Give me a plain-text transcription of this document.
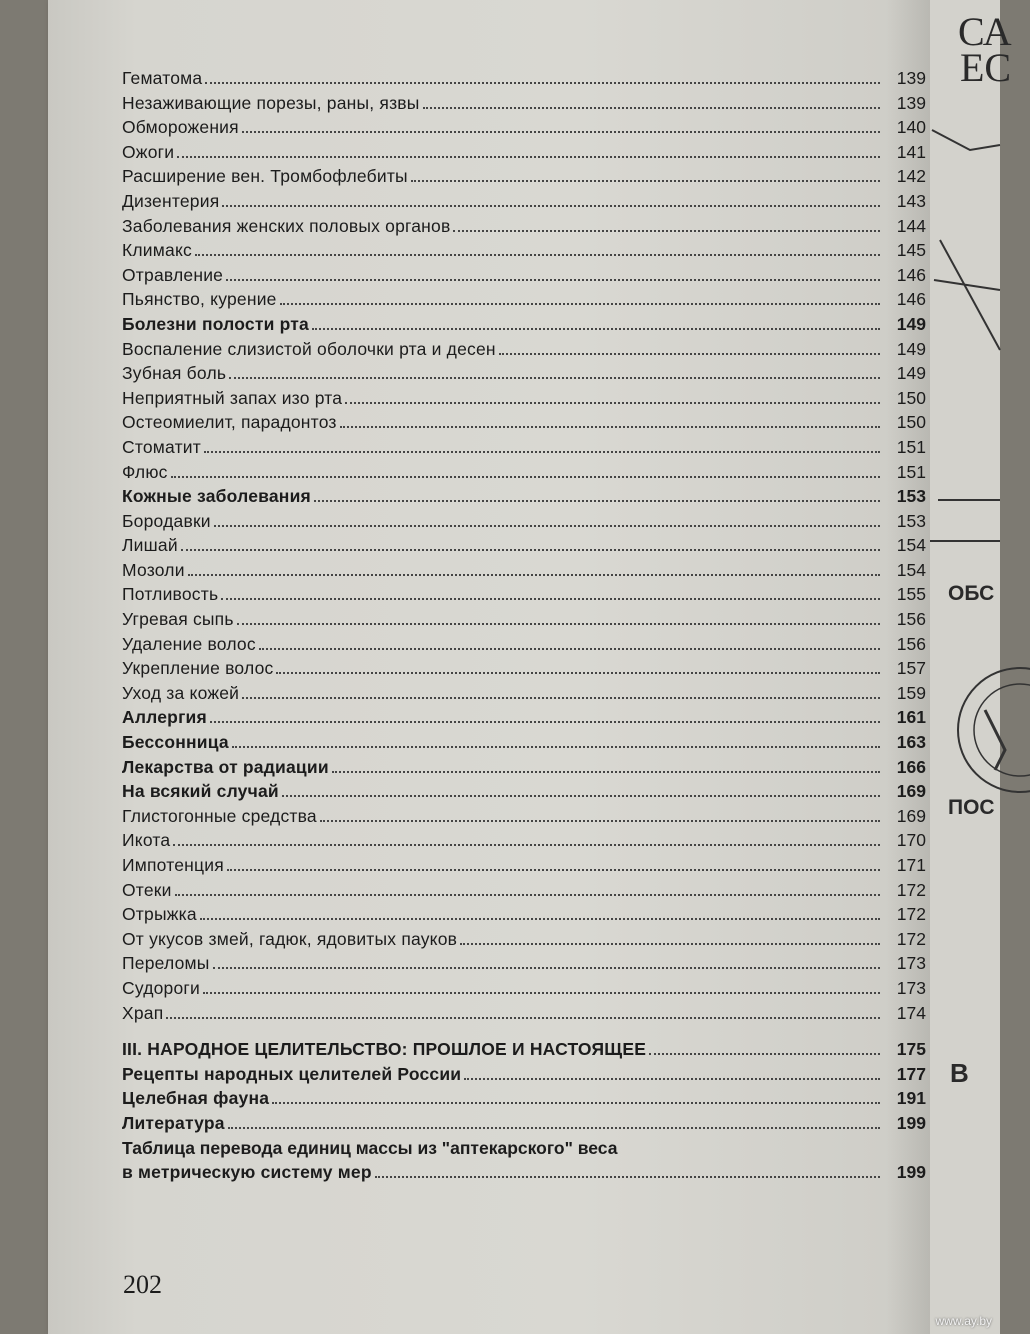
СА
ЕС
ОБС
ПОС
В
Гематома	139
Незаживающие порезы, раны, язвы	139
Обморожения	140
Ожоги	141
Расширение вен. Тромбофлебиты	142
Дизентерия	143
Заболевания женских половых органов	144
Климакс	145
Отравление	146
Пьянство, курение	146
Болезни полости рта	149
Воспаление слизистой оболочки рта и десен	149
Зубная боль	149
Неприятный запах изо рта	150
Остеомиелит, парадонтоз	150
Стоматит	151
Флюс	151
Кожные заболевания	153
Бородавки	153
Лишай	154
Мозоли	154
Потливость	155
Угревая сыпь	156
Удаление волос	156
Укрепление волос	157
Уход за кожей	159
Аллергия	161
Бессонница	163
Лекарства от радиации	166
На всякий случай	169
Глистогонные средства	169
Икота	170
Импотенция	171
Отеки	172
Отрыжка	172
От укусов змей, гадюк, ядовитых пауков	172
Переломы	173
Судороги	173
Храп	174
III. НАРОДНОЕ ЦЕЛИТЕЛЬСТВО: ПРОШЛОЕ И НАСТОЯЩЕЕ	175
Рецепты народных целителей России	177
Целебная фауна	191
Литература	199
Таблица перевода единиц массы из "аптекарского" веса
в метрическую систему мер	199
202
www.ay.by
